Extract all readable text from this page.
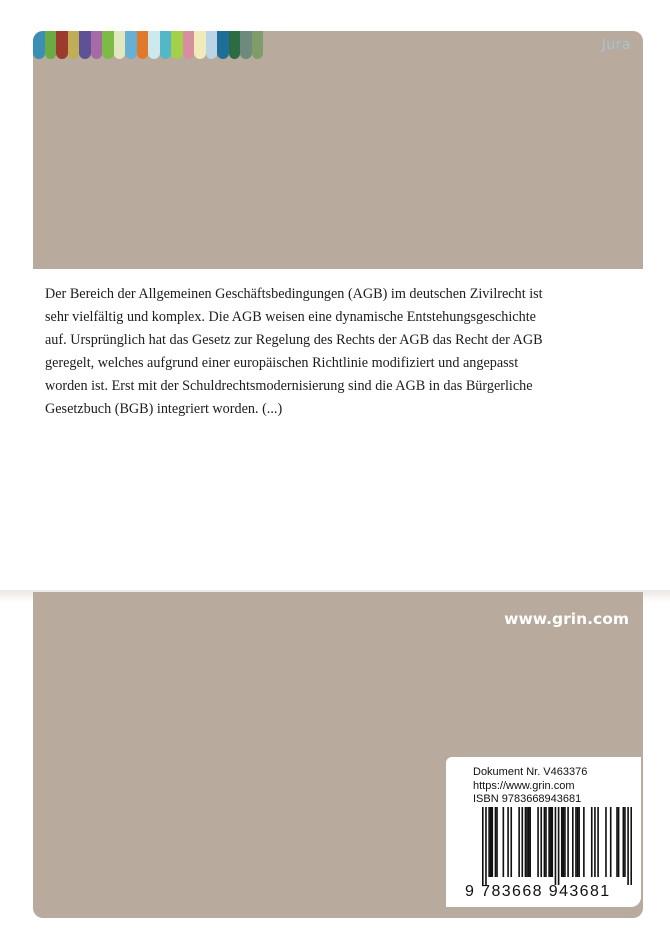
Jura

Der Bereich der Allgemeinen Geschäftsbedingungen (AGB) im deutschen Zivilrecht ist
sehr vielfältig und komplex. Die AGB weisen eine dynamische Entstehungsgeschichte
auf. Ursprünglich hat das Gesetz zur Regelung des Rechts der AGB das Recht der AGB
geregelt, welches aufgrund einer europäischen Richtlinie modifiziert und angepasst
worden ist. Erst mit der Schuldrechtsmodernisierung sind die AGB in das Bürgerliche
Gesetzbuch (BGB) integriert worden. (...)

www.grin.com
Dokument Nr. V463376
https://www.grin.com
ISBN 9783668943681
9 783668 943681
